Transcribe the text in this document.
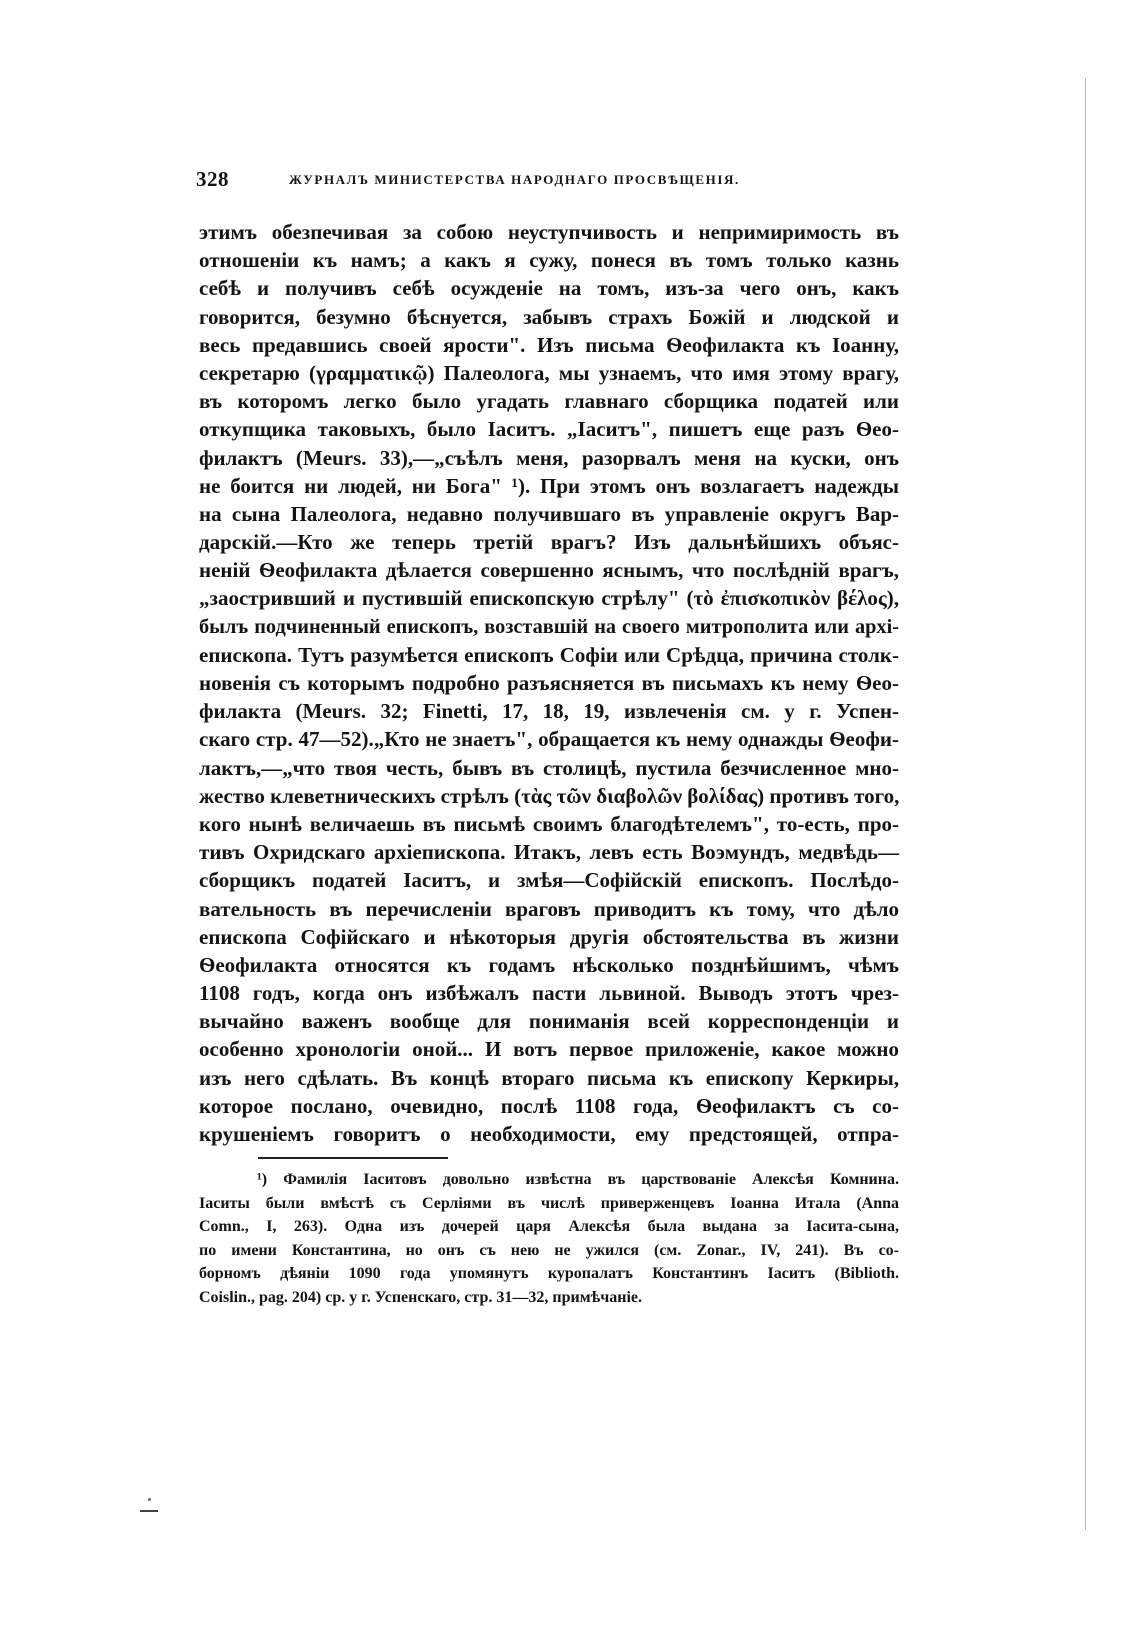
328	ЖУРНАЛЪ МИНИСТЕРСТВА НАРОДНАГО ПРОСВѢЩЕНІЯ.
этимъ обезпечивая за собою неуступчивость и непримиримость въ
отношеніи къ намъ; а какъ я сужу, понеся въ томъ только казнь
себѣ и получивъ себѣ осужденіе на томъ, изъ-за чего онъ, какъ
говорится, безумно бѣснуется, забывъ страхъ Божій и людской и
весь предавшись своей ярости". Изъ письма Ѳеофилакта къ Іоанну,
секретарю (γραμματικῷ) Палеолога, мы узнаемъ, что имя этому врагу,
въ которомъ легко было угадать главнаго сборщика податей или
откупщика таковыхъ, было Іаситъ. „Іаситъ", пишетъ еще разъ Ѳео-
филактъ (Meurs. 33),—„съѣлъ меня, разорвалъ меня на куски, онъ
не боится ни людей, ни Бога" ¹). При этомъ онъ возлагаетъ надежды
на сына Палеолога, недавно получившаго въ управленіе округъ Вар-
дарскій.—Кто же теперь третій врагъ? Изъ дальнѣйшихъ объяс-
неній Ѳеофилакта дѣлается совершенно яснымъ, что послѣдній врагъ,
„заостривший и пустившій епископскую стрѣлу" (τὸ ἐπισκοπικὸν βέλος),
былъ подчиненный епископъ, возставшій на своего митрополита или архі-
епископа. Тутъ разумѣется епископъ Софіи или Срѣдца, причина столк-
новенія съ которымъ подробно разъясняется въ письмахъ къ нему Ѳео-
филакта (Meurs. 32; Finetti, 17, 18, 19, извлеченія см. у г. Успен-
скаго стр. 47—52).„Кто не знаетъ", обращается къ нему однажды Ѳеофи-
лактъ,—„что твоя честь, бывъ въ столицѣ, пустила безчисленное мно-
жество клеветническихъ стрѣлъ (τὰς τῶν διαβολῶν βολίδας) противъ того,
кого нынѣ величаешь въ письмѣ своимъ благодѣтелемъ", то-есть, про-
тивъ Охридскаго архіепископа. Итакъ, левъ есть Воэмундъ, медвѣдь—
сборщикъ податей Іаситъ, и змѣя—Софійскій епископъ. Послѣдо-
вательность въ перечисленіи враговъ приводитъ къ тому, что дѣло
епископа Софійскаго и нѣкоторыя другія обстоятельства въ жизни
Ѳеофилакта относятся къ годамъ нѣсколько позднѣйшимъ, чѣмъ
1108 годъ, когда онъ избѣжалъ пасти львиной. Выводъ этотъ чрез-
вычайно важенъ вообще для пониманія всей корреспонденціи и
особенно хронологіи оной... И вотъ первое приложеніе, какое можно
изъ него сдѣлать. Въ концѣ втораго письма къ епископу Керкиры,
которое послано, очевидно, послѣ 1108 года, Ѳеофилактъ съ со-
крушеніемъ говоритъ о необходимости, ему предстоящей, отпра-
¹) Фамилія Іаситовъ довольно извѣстна въ царствованіе Алексѣя Комнина.
Іаситы были вмѣстѣ съ Серліями въ числѣ приверженцевъ Іоанна Итала (Anna
Comn., I, 263). Одна изъ дочерей царя Алексѣя была выдана за Іасита-сына,
по имени Константина, но онъ съ нею не ужился (см. Zonar., IV, 241). Въ со-
борномъ дѣяніи 1090 года упомянутъ куропалатъ Константинъ Іаситъ (Biblioth.
Coislin., pag. 204) ср. у г. Успенскаго, стр. 31—32, примѣчаніе.
